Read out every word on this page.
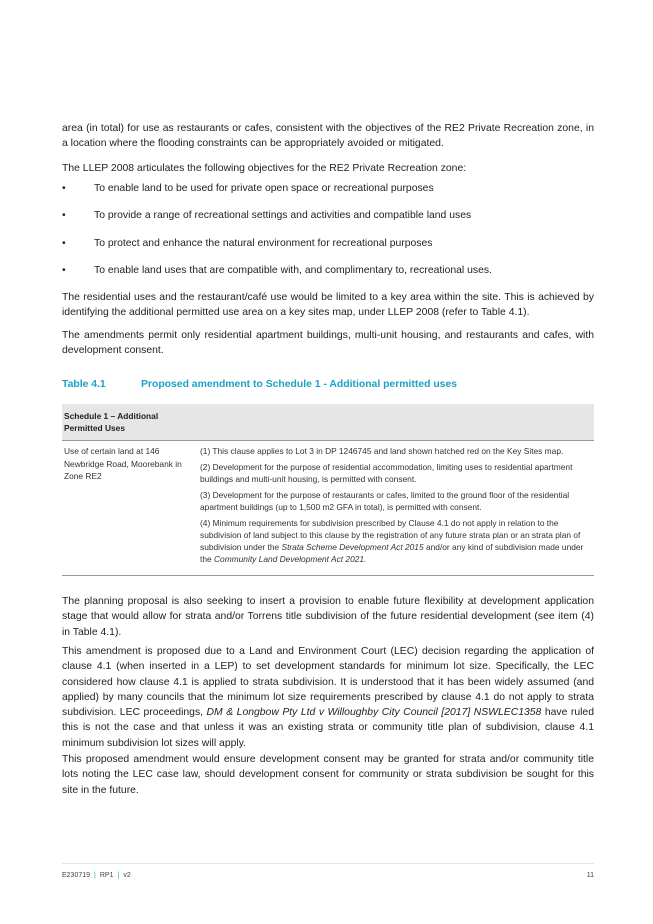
area (in total) for use as restaurants or cafes, consistent with the objectives of the RE2 Private Recreation zone, in a location where the flooding constraints can be appropriately avoided or mitigated.

The LLEP 2008 articulates the following objectives for the RE2 Private Recreation zone:

•	To enable land to be used for private open space or recreational purposes
•	To provide a range of recreational settings and activities and compatible land uses
•	To protect and enhance the natural environment for recreational purposes
•	To enable land uses that are compatible with, and complimentary to, recreational uses.

The residential uses and the restaurant/café use would be limited to a key area within the site. This is achieved by identifying the additional permitted use area on a key sites map, under LLEP 2008 (refer to Table 4.1).

The amendments permit only residential apartment buildings, multi-unit housing, and restaurants and cafes, with development consent.

Table 4.1	Proposed amendment to Schedule 1 - Additional permitted uses
Schedule 1 – Additional Permitted Uses	
Use of certain land at 146 Newbridge Road, Moorebank in Zone RE2	(1) This clause applies to Lot 3 in DP 1246745 and land shown hatched red on the Key Sites map.

(2) Development for the purpose of residential accommodation, limiting uses to residential apartment buildings and multi-unit housing, is permitted with consent.

(3) Development for the purpose of restaurants or cafes, limited to the ground floor of the residential apartment buildings (up to 1,500 m2 GFA in total), is permitted with consent.

(4) Minimum requirements for subdivision prescribed by Clause 4.1 do not apply in relation to the subdivision of land subject to this clause by the registration of any future strata plan or an strata plan of subdivision under the Strata Scheme Development Act 2015 and/or any kind of subdivision made under the Community Land Development Act 2021.

The planning proposal is also seeking to insert a provision to enable future flexibility at development application stage that would allow for strata and/or Torrens title subdivision of the future residential development (see item (4) in Table 4.1).

This amendment is proposed due to a Land and Environment Court (LEC) decision regarding the application of clause 4.1 (when inserted in a LEP) to set development standards for minimum lot size. Specifically, the LEC considered how clause 4.1 is applied to strata subdivision. It is understood that it has been widely assumed (and applied) by many councils that the minimum lot size requirements prescribed by clause 4.1 do not apply to strata subdivision. LEC proceedings, DM & Longbow Pty Ltd v Willoughby City Council [2017] NSWLEC1358 have ruled this is not the case and that unless it was an existing strata or community title plan of subdivision, clause 4.1 minimum subdivision lot sizes will apply.

This proposed amendment would ensure development consent may be granted for strata and/or community title lots noting the LEC case law, should development consent for community or strata subdivision be sought for this site in the future.

E230719 | RP1 | v2	11
